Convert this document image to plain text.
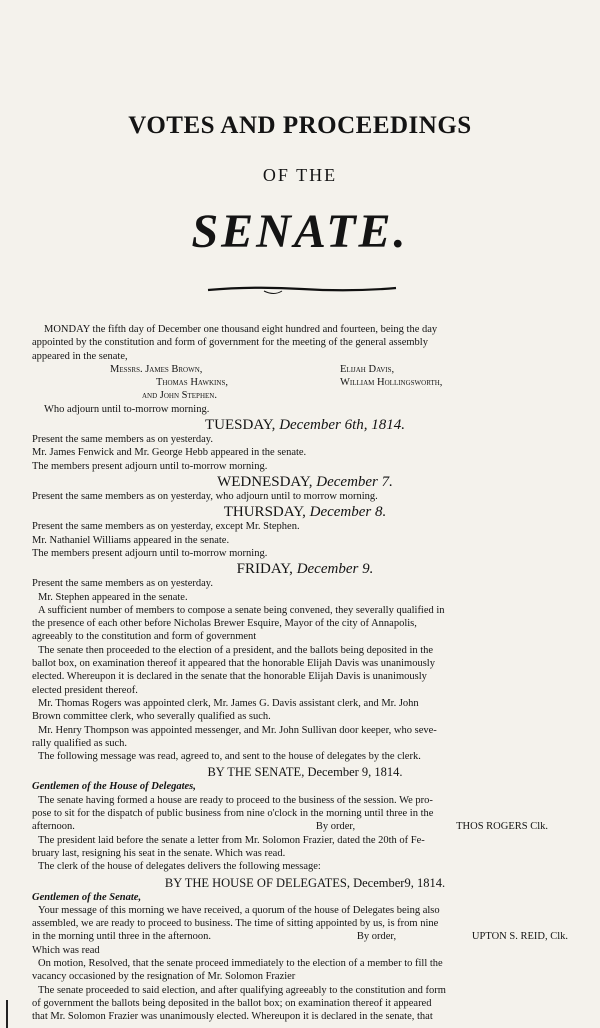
VOTES AND PROCEEDINGS
OF THE
SENATE.
MONDAY the fifth day of December one thousand eight hundred and fourteen, being the day
appointed by the constitution and form of government for the meeting of the general assembly
appeared in the senate,
Messrs. James Brown,	Elijah Davis,
Thomas Hawkins,	William Hollingsworth,
and John Stephen.
Who adjourn until to-morrow morning.
TUESDAY, December 6th, 1814.
Present the same members as on yesterday.
Mr. James Fenwick and Mr. George Hebb appeared in the senate.
The members present adjourn until to-morrow morning.
WEDNESDAY, December 7.
Present the same members as on yesterday, who adjourn until to morrow morning.
THURSDAY, December 8.
Present the same members as on yesterday, except Mr. Stephen.
Mr. Nathaniel Williams appeared in the senate.
The members present adjourn until to-morrow morning.
FRIDAY, December 9.
Present the same members as on yesterday.
Mr. Stephen appeared in the senate.
A sufficient number of members to compose a senate being convened, they severally qualified in
the presence of each other before Nicholas Brewer Esquire, Mayor of the city of Annapolis,
agreeably to the constitution and form of government
The senate then proceeded to the election of a president, and the ballots being deposited in the
ballot box, on examination thereof it appeared that the honorable Elijah Davis was unanimously
elected. Whereupon it is declared in the senate that the honorable Elijah Davis is unanimously
elected president thereof.
Mr. Thomas Rogers was appointed clerk, Mr. James G. Davis assistant clerk, and Mr. John
Brown committee clerk, who severally qualified as such.
Mr. Henry Thompson was appointed messenger, and Mr. John Sullivan door keeper, who seve-
rally qualified as such.
The following message was read, agreed to, and sent to the house of delegates by the clerk.
BY THE SENATE, December 9, 1814.
Gentlemen of the House of Delegates,
The senate having formed a house are ready to proceed to the business of the session. We pro-
pose to sit for the dispatch of public business from nine o'clock in the morning until three in the
afternoon.	By order,	THOS ROGERS Clk.
The president laid before the senate a letter from Mr. Solomon Frazier, dated the 20th of Fe-
bruary last, resigning his seat in the senate. Which was read.
The clerk of the house of delegates delivers the following message:
BY THE HOUSE OF DELEGATES, December9, 1814.
Gentlemen of the Senate,
Your message of this morning we have received, a quorum of the house of Delegates being also
assembled, we are ready to proceed to business. The time of sitting appointed by us, is from nine
in the morning until three in the afternoon.	By order,	UPTON S. REID, Clk.
Which was read
On motion, Resolved, that the senate proceed immediately to the election of a member to fill the
vacancy occasioned by the resignation of Mr. Solomon Frazier
The senate proceeded to said election, and after qualifying agreeably to the constitution and form
of government the ballots being deposited in the ballot box; on examination thereof it appeared
that Mr. Solomon Frazier was unanimously elected. Whereupon it is declared in the senate, that
